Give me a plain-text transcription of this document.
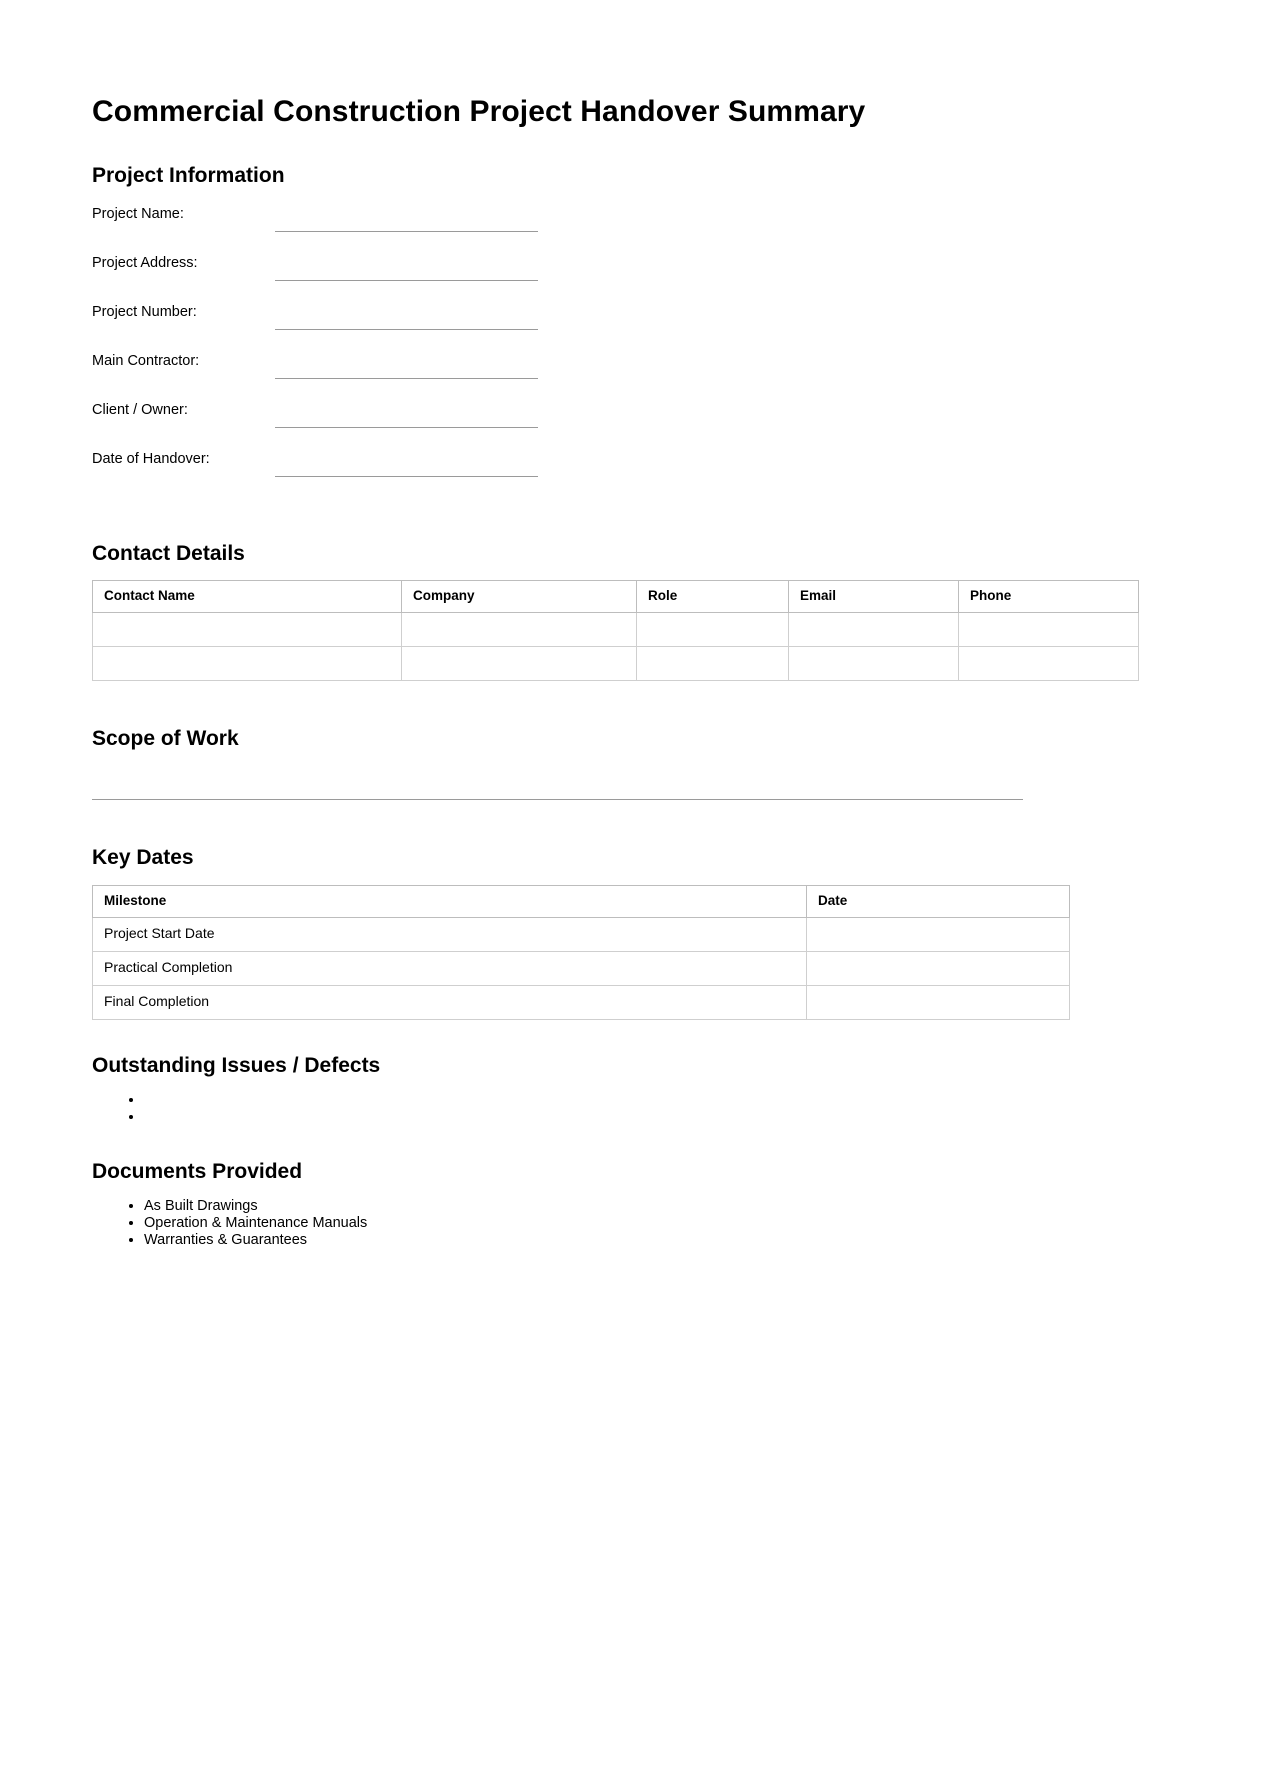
Commercial Construction Project Handover Summary
Project Information
Project Name:
Project Address:
Project Number:
Main Contractor:
Client / Owner:
Date of Handover:
Contact Details
Contact Name	Company	Role	Email	Phone

Scope of Work
Key Dates
Milestone	Date
Project Start Date	
Practical Completion	
Final Completion	
Outstanding Issues / Defects
•
•
Documents Provided
• As Built Drawings
• Operation & Maintenance Manuals
• Warranties & Guarantees
